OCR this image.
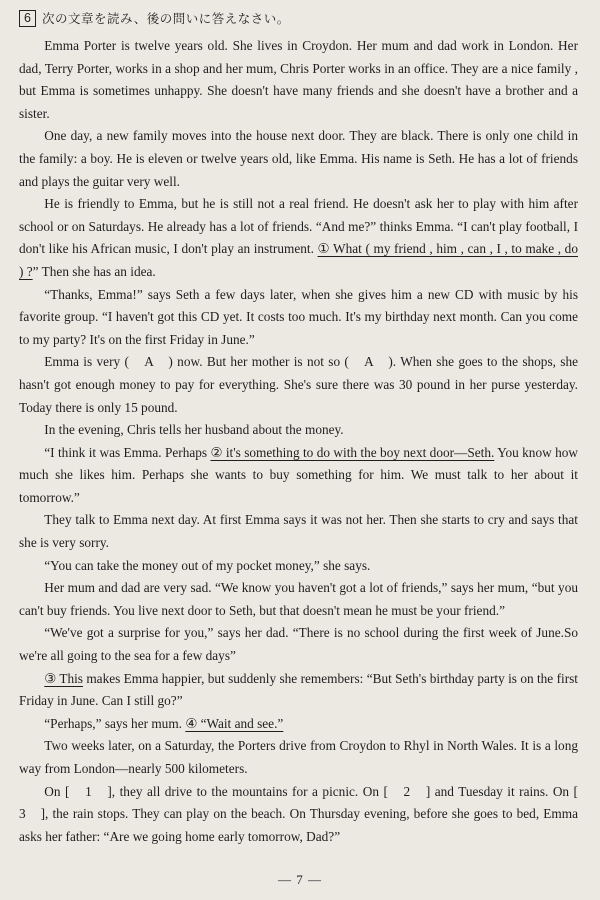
6 次の文章を読み、後の問いに答えなさい。

Emma Porter is twelve years old. She lives in Croydon. Her mum and dad work in London. Her dad, Terry Porter, works in a shop and her mum, Chris Porter works in an office. They are a nice family , but Emma is sometimes unhappy. She doesn't have many friends and she doesn't have a brother and a sister.

One day, a new family moves into the house next door. They are black. There is only one child in the family: a boy. He is eleven or twelve years old, like Emma. His name is Seth. He has a lot of friends and plays the guitar very well.

He is friendly to Emma, but he is still not a real friend. He doesn't ask her to play with him after school or on Saturdays. He already has a lot of friends. “And me?” thinks Emma. “I can't play football, I don't like his African music, I don't play an instrument. ① What ( my friend , him , can , I , to make , do ) ?” Then she has an idea.

“Thanks, Emma!” says Seth a few days later, when she gives him a new CD with music by his favorite group. “I haven't got this CD yet. It costs too much. It's my birthday next month. Can you come to my party? It's on the first Friday in June.”

Emma is very (　A　) now. But her mother is not so (　A　). When she goes to the shops, she hasn't got enough money to pay for everything. She's sure there was 30 pound in her purse yesterday. Today there is only 15 pound.

In the evening, Chris tells her husband about the money.

“I think it was Emma. Perhaps ② it's something to do with the boy next door—Seth. You know how much she likes him. Perhaps she wants to buy something for him. We must talk to her about it tomorrow.”

They talk to Emma next day. At first Emma says it was not her. Then she starts to cry and says that she is very sorry.

“You can take the money out of my pocket money,” she says.

Her mum and dad are very sad. “We know you haven't got a lot of friends,” says her mum, “but you can't buy friends. You live next door to Seth, but that doesn't mean he must be your friend.”

“We've got a surprise for you,” says her dad. “There is no school during the first week of June.So we're all going to the sea for a few days”

③ This makes Emma happier, but suddenly she remembers: “But Seth's birthday party is on the first Friday in June. Can I still go?”

“Perhaps,” says her mum. ④ “Wait and see.”

Two weeks later, on a Saturday, the Porters drive from Croydon to Rhyl in North Wales. It is a long way from London—nearly 500 kilometers.

On [　1　], they all drive to the mountains for a picnic. On [　2　] and Tuesday it rains. On [　3　], the rain stops. They can play on the beach. On Thursday evening, before she goes to bed, Emma asks her father: “Are we going home early tomorrow, Dad?”

— 7 —
